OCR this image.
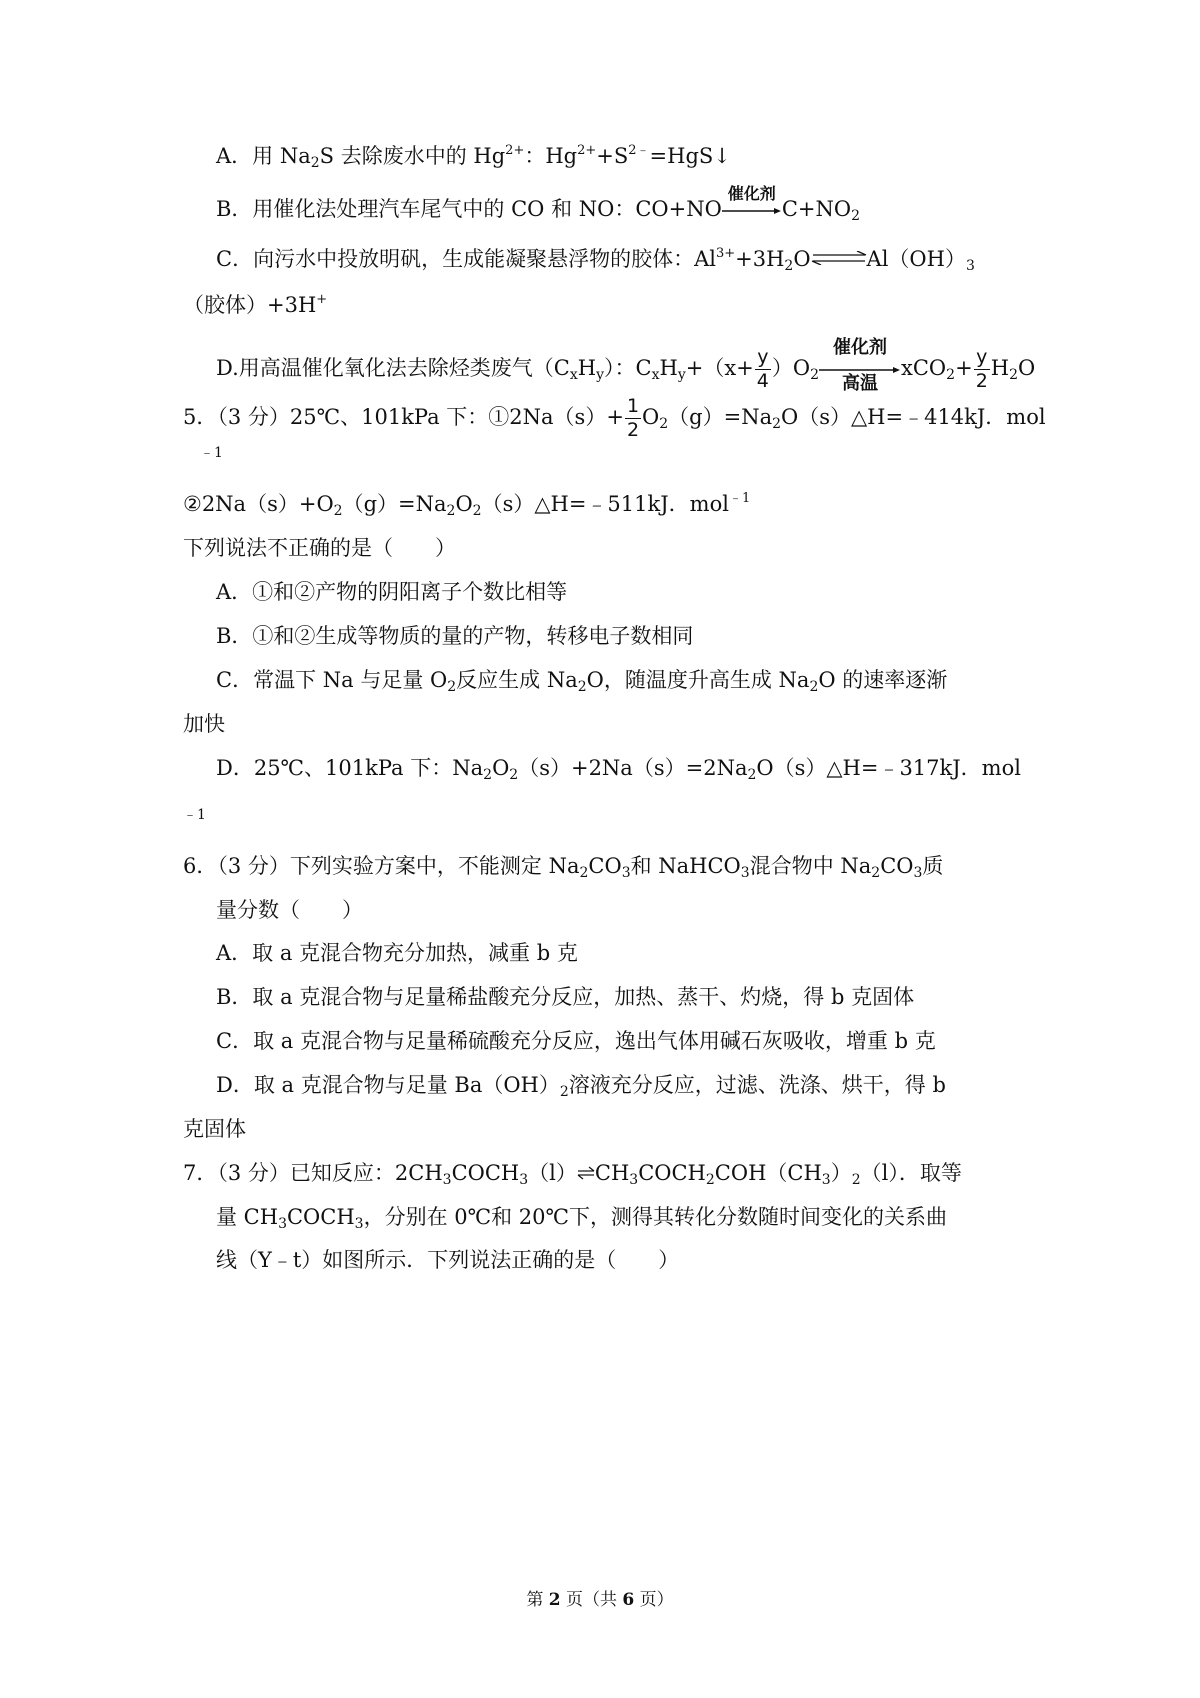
A．用 $Na_2S$ 去除废水中的 $Hg^{2+}$：$Hg^{2+}+S^{2﹣}=HgS↓$
B．用催化法处理汽车尾气中的 CO 和 NO：CO+NO
催化剂
$C+NO_2$
C．向污水中投放明矾，生成能凝聚悬浮物的胶体：$Al^{3+}+3H_2O\rightleftharpoons Al(OH)_3$
（胶体）+3H+
D.用高温催化氧化法去除烃类废气$(C_xH_y)$：$C_xH_y+(x+ \frac{y}{4} )O_2$
催化剂
高温
$xCO_2+ \frac{y}{2} H_2O$
5．（3 分）25℃、101kPa 下：①2Na（s）+ $\frac{1}{2}$ $O_2(g)=Na_2O(s)\triangle H=﹣414kJ$．mol
﹣1
$②2Na(s)+O_2(g)=Na_2O_2(s)\triangle H=﹣511kJ$．mol$^{﹣1}$
下列说法不正确的是（　　）
A．①和②产物的阴阳离子个数比相等
B．①和②生成等物质的量的产物，转移电子数相同
C．常温下 Na 与足量 $O_2$反应生成 $Na_2O$，随温度升高生成 $Na_2O$ 的速率逐渐
加快
D．25℃、101kPa 下：$Na_2O_2(s)+2Na(s)=2Na_2O(s)\triangle H=﹣317kJ$．mol
﹣1
6．（3 分）下列实验方案中，不能测定 $Na_2CO_3$和 NaHCO$_3$混合物中 $Na_2CO_3$质
量分数（　　）
A．取 a 克混合物充分加热，减重 b 克
B．取 a 克混合物与足量稀盐酸充分反应，加热、蒸干、灼烧，得 b 克固体
C．取 a 克混合物与足量稀硫酸充分反应，逸出气体用碱石灰吸收，增重 b 克
D．取 a 克混合物与足量 $Ba(OH)_2$溶液充分反应，过滤、洗涤、烘干，得 b
克固体
7．（3 分）已知反应：$2CH_3COCH_3(l)\rightleftharpoons CH_3COCH_2COH(CH_3)_2(l)$．取等
量 $CH_3COCH_3$，分别在 0℃和 20℃下，测得其转化分数随时间变化的关系曲
线（Y﹣t）如图所示．下列说法正确的是（　　）
第 2 页（共 6 页）
